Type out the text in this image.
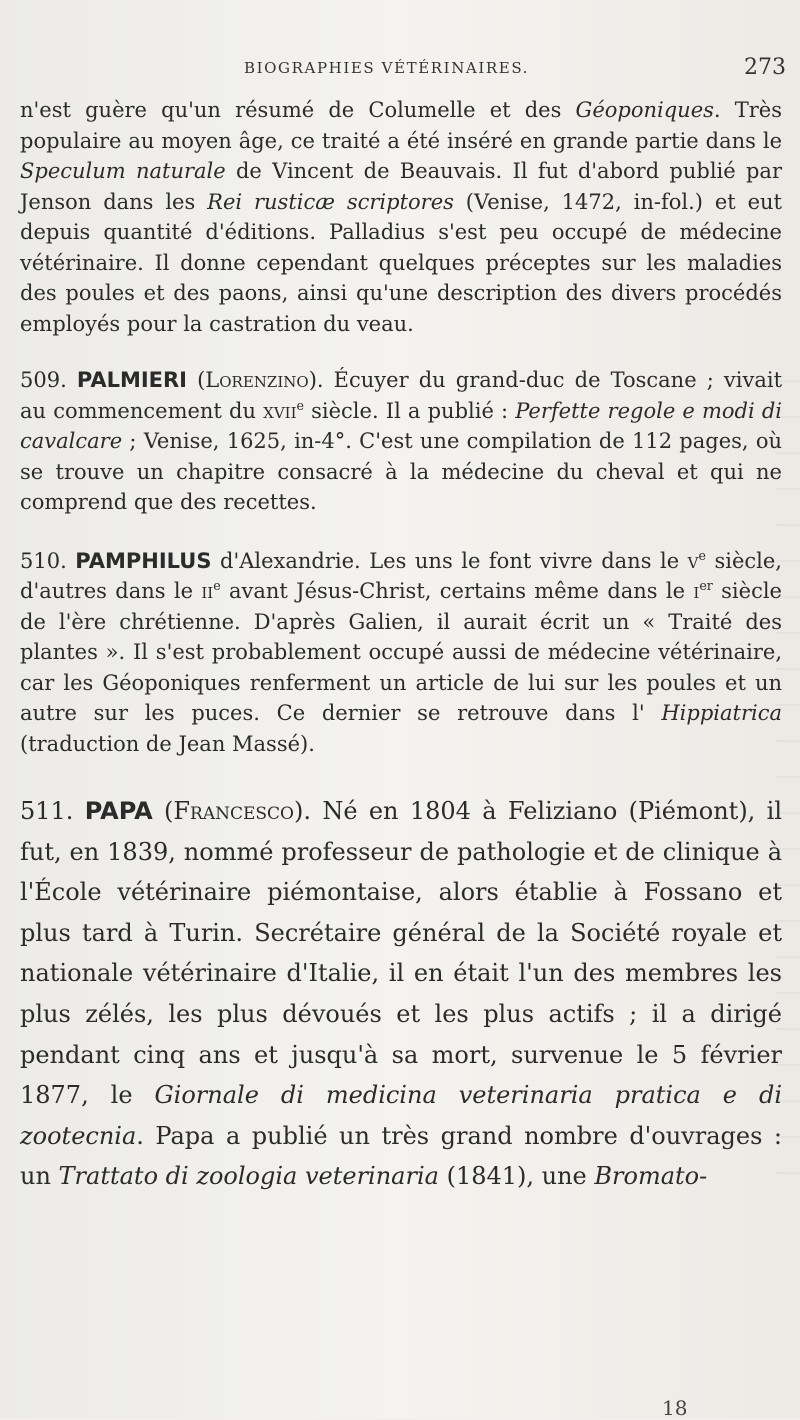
BIOGRAPHIES VÉTÉRINAIRES.	273

n'est guère qu'un résumé de Columelle et des Géoponiques. Très populaire au moyen âge, ce traité a été inséré en grande partie dans le Speculum naturale de Vincent de Beauvais. Il fut d'abord publié par Jenson dans les Rei rusticæ scriptores (Venise, 1472, in-fol.) et eut depuis quantité d'éditions. Palladius s'est peu occupé de médecine vétérinaire. Il donne cependant quelques préceptes sur les maladies des poules et des paons, ainsi qu'une description des divers procédés employés pour la castration du veau.

509. PALMIERI (Lorenzino). Écuyer du grand-duc de Toscane ; vivait au commencement du xvii$^e$ siècle. Il a publié : Perfette regole e modi di cavalcare ; Venise, 1625, in-4°. C'est une compilation de 112 pages, où se trouve un chapitre consacré à la médecine du cheval et qui ne comprend que des recettes.

510. PAMPHILUS d'Alexandrie. Les uns le font vivre dans le $v^e$ siècle, d'autres dans le $ii^e$ avant Jésus-Christ, certains même dans le $i^{er}$ siècle de l'ère chrétienne. D'après Galien, il aurait écrit un « Traité des plantes ». Il s'est probablement occupé aussi de médecine vétérinaire, car les Géoponiques renferment un article de lui sur les poules et un autre sur les puces. Ce dernier se retrouve dans l' Hippiatrica (traduction de Jean Massé).

511. PAPA (Francesco). Né en 1804 à Feliziano (Piémont), il fut, en 1839, nommé professeur de pathologie et de clinique à l'École vétérinaire piémontaise, alors établie à Fossano et plus tard à Turin. Secrétaire général de la Société royale et nationale vétérinaire d'Italie, il en était l'un des membres les plus zélés, les plus dévoués et les plus actifs ; il a dirigé pendant cinq ans et jusqu'à sa mort, survenue le 5 février 1877, le Giornale di medicina veterinaria pratica e di zootecnia. Papa a publié un très grand nombre d'ouvrages : un Trattato di zoologia veterinaria (1841), une Bromato-

18
